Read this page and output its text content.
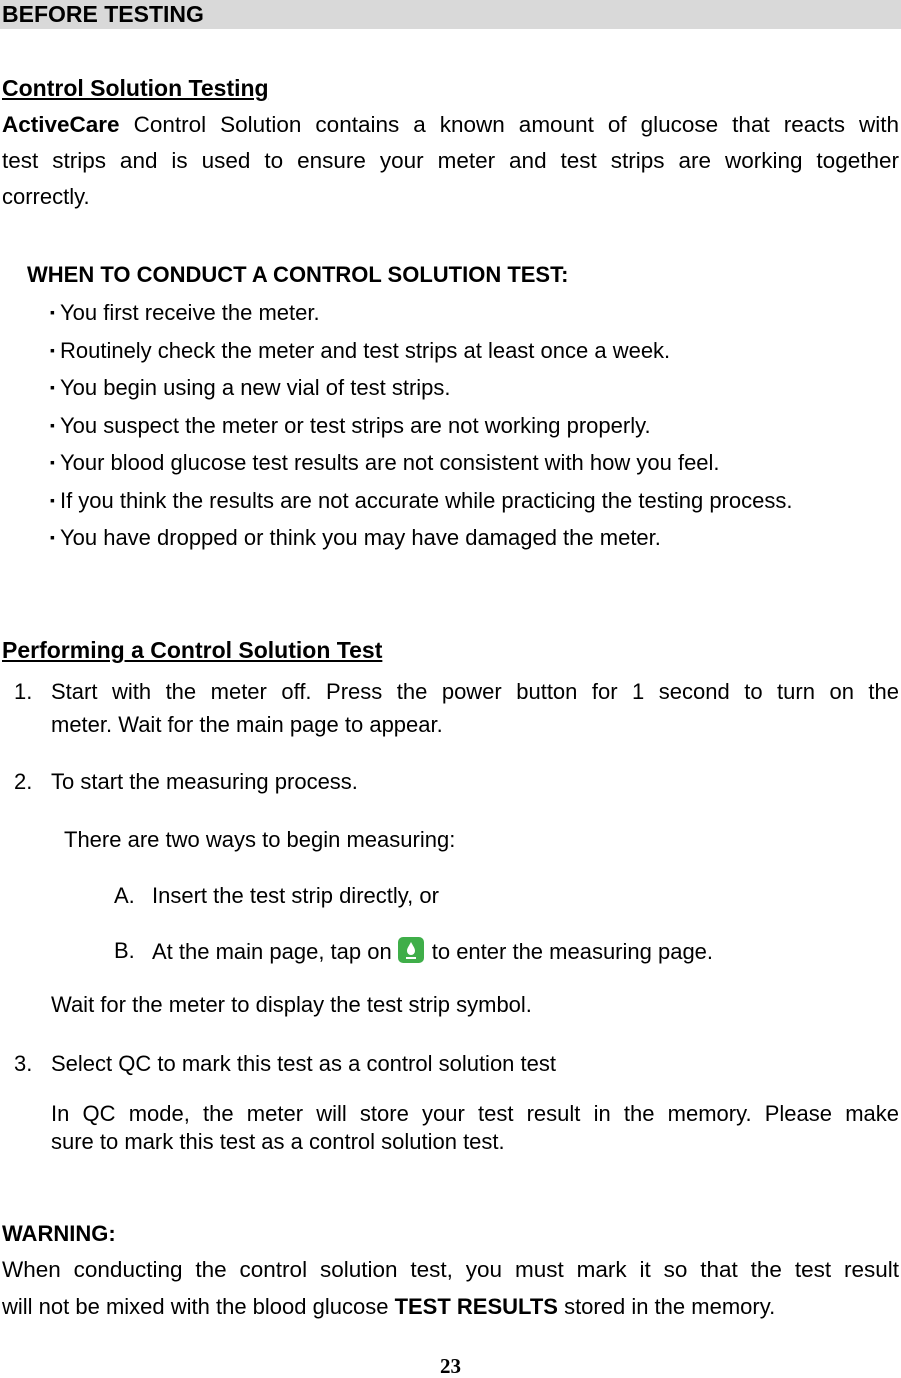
BEFORE TESTING
Control Solution Testing
ActiveCare Control Solution contains a known amount of glucose that reacts with
test strips and is used to ensure your meter and test strips are working together
correctly.
WHEN TO CONDUCT A CONTROL SOLUTION TEST:
▪ You first receive the meter.
▪ Routinely check the meter and test strips at least once a week.
▪ You begin using a new vial of test strips.
▪ You suspect the meter or test strips are not working properly.
▪ Your blood glucose test results are not consistent with how you feel.
▪ If you think the results are not accurate while practicing the testing process.
▪ You have dropped or think you may have damaged the meter.
Performing a Control Solution Test
1. Start with the meter off. Press the power button for 1 second to turn on the
meter. Wait for the main page to appear.
2. To start the measuring process.
There are two ways to begin measuring:
A. Insert the test strip directly, or
B. At the main page, tap on to enter the measuring page.
Wait for the meter to display the test strip symbol.
3. Select QC to mark this test as a control solution test
In QC mode, the meter will store your test result in the memory. Please make
sure to mark this test as a control solution test.
WARNING:
When conducting the control solution test, you must mark it so that the test result
will not be mixed with the blood glucose TEST RESULTS stored in the memory.
23
